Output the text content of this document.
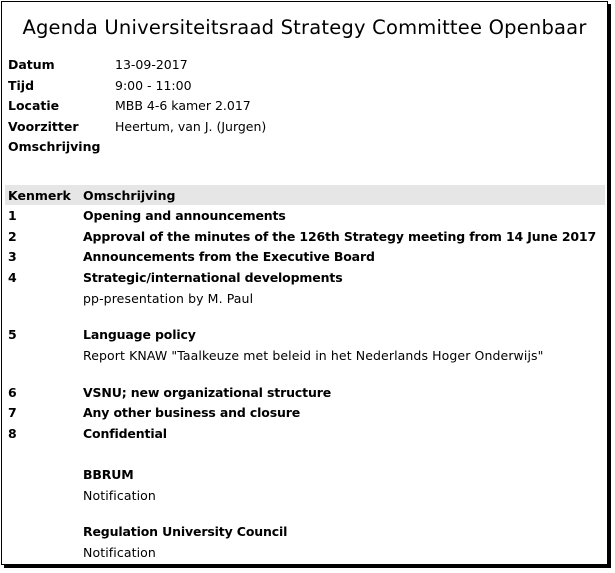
Agenda Universiteitsraad Strategy Committee Openbaar
Datum	13-09-2017
Tijd	9:00 - 11:00
Locatie	MBB 4-6 kamer 2.017
Voorzitter	Heertum, van J. (Jurgen)
Omschrijving
Kenmerk Omschrijving
1	Opening and announcements
2	Approval of the minutes of the 126th Strategy meeting from 14 June 2017
3	Announcements from the Executive Board
4	Strategic/international developments
pp-presentation by M. Paul
5	Language policy
Report KNAW "Taalkeuze met beleid in het Nederlands Hoger Onderwijs"
6	VSNU; new organizational structure
7	Any other business and closure
8	Confidential
BBRUM
Notification
Regulation University Council
Notification
